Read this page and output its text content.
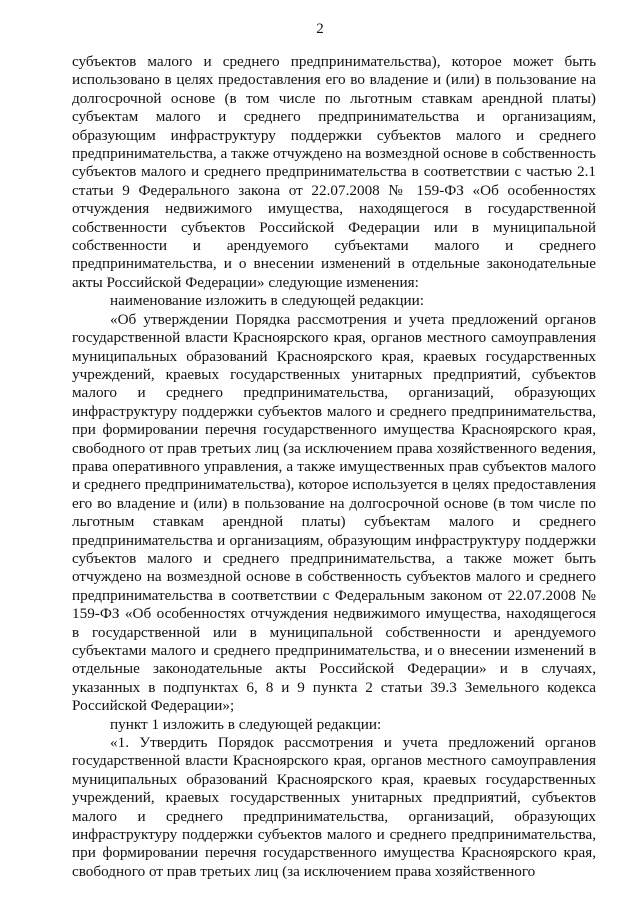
2

субъектов малого и среднего предпринимательства), которое может быть использовано в целях предоставления его во владение и (или) в пользование на долгосрочной основе (в том числе по льготным ставкам арендной платы) субъектам малого и среднего предпринимательства и организациям, образующим инфраструктуру поддержки субъектов малого и среднего предпринимательства, а также отчуждено на возмездной основе в собственность субъектов малого и среднего предпринимательства в соответствии с частью 2.1 статьи 9 Федерального закона от 22.07.2008 № 159-ФЗ «Об особенностях отчуждения недвижимого имущества, находящегося в государственной собственности субъектов Российской Федерации или в муниципальной собственности и арендуемого субъектами малого и среднего предпринимательства, и о внесении изменений в отдельные законодательные акты Российской Федерации» следующие изменения:

наименование изложить в следующей редакции:

«Об утверждении Порядка рассмотрения и учета предложений органов государственной власти Красноярского края, органов местного самоуправления муниципальных образований Красноярского края, краевых государственных учреждений, краевых государственных унитарных предприятий, субъектов малого и среднего предпринимательства, организаций, образующих инфраструктуру поддержки субъектов малого и среднего предпринимательства, при формировании перечня государственного имущества Красноярского края, свободного от прав третьих лиц (за исключением права хозяйственного ведения, права оперативного управления, а также имущественных прав субъектов малого и среднего предпринимательства), которое используется в целях предоставления его во владение и (или) в пользование на долгосрочной основе (в том числе по льготным ставкам арендной платы) субъектам малого и среднего предпринимательства и организациям, образующим инфраструктуру поддержки субъектов малого и среднего предпринимательства, а также может быть отчуждено на возмездной основе в собственность субъектов малого и среднего предпринимательства в соответствии с Федеральным законом от 22.07.2008 № 159-ФЗ «Об особенностях отчуждения недвижимого имущества, находящегося в государственной или в муниципальной собственности и арендуемого субъектами малого и среднего предпринимательства, и о внесении изменений в отдельные законодательные акты Российской Федерации» и в случаях, указанных в подпунктах 6, 8 и 9 пункта 2 статьи 39.3 Земельного кодекса Российской Федерации»;

пункт 1 изложить в следующей редакции:

«1. Утвердить Порядок рассмотрения и учета предложений органов государственной власти Красноярского края, органов местного самоуправления муниципальных образований Красноярского края, краевых государственных учреждений, краевых государственных унитарных предприятий, субъектов малого и среднего предпринимательства, организаций, образующих инфраструктуру поддержки субъектов малого и среднего предпринимательства, при формировании перечня государственного имущества Красноярского края, свободного от прав третьих лиц (за исключением права хозяйственного
